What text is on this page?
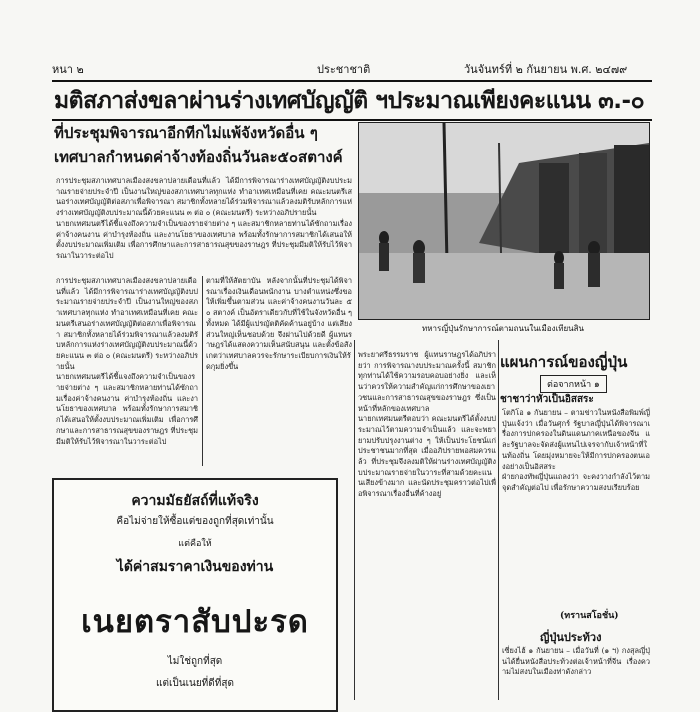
หนา ๒	ประชาชาติ	วันจันทร์ที่ ๒ กันยายน พ.ศ. ๒๔๗๙
มติสภาส่งขลาผ่านร่างเทศบัญญัติ ฯประมาณเพียงคะแนน ๓.-๐
ที่ประชุมพิจารณาอีกทีกไม่แพ้จังหวัดอื่น ๆ
เทศบาลกำหนดค่าจ้างท้องถิ่นวันละ๕๐สตางค์
การประชุมสภาเทศบาลเมืองสงขลาปลายเดือนที่แล้ว ได้มีการพิจารณาร่างเทศบัญญัติงบประมาณรายจ่ายประจำปี เป็นงานใหญ่ของสภาเทศบาลทุกแห่ง ทำอาเทศเหมือนที่เคย คณะมนตรีเสนอร่างเทศบัญญัติต่อสภาเพื่อพิจารณา สมาชิกทั้งหลายได้ร่วมพิจารณาแล้วลงมติรับหลักการแห่งร่างเทศบัญญัติงบประมาณนี้ด้วยคะแนน ๓ ต่อ ๐ (คณะมนตรี) ระหว่างอภิปรายนั้น
นายกเทศมนตรีได้ชี้แจงถึงความจำเป็นของรายจ่ายต่าง ๆ และสมาชิกหลายท่านได้ซักถามเรื่องค่าจ้างคนงาน ค่าบำรุงท้องถิ่น และงานโยธาของเทศบาล พร้อมทั้งรักษาการสมาชิกได้เสนอให้ตั้งงบประมาณเพิ่มเติม เพื่อการศึกษาและการสาธารณสุขของราษฎร ที่ประชุมมีมติให้รับไว้พิจารณาในวาระต่อไป
การประชุมสภาเทศบาลเมืองสงขลาปลายเดือนที่แล้ว ได้มีการพิจารณาร่างเทศบัญญัติงบประมาณรายจ่ายประจำปี เป็นงานใหญ่ของสภาเทศบาลทุกแห่ง ทำอาเทศเหมือนที่เคย คณะมนตรีเสนอร่างเทศบัญญัติต่อสภาเพื่อพิจารณา สมาชิกทั้งหลายได้ร่วมพิจารณาแล้วลงมติรับหลักการแห่งร่างเทศบัญญัติงบประมาณนี้ด้วยคะแนน ๓ ต่อ ๐ (คณะมนตรี) ระหว่างอภิปรายนั้น
นายกเทศมนตรีได้ชี้แจงถึงความจำเป็นของรายจ่ายต่าง ๆ และสมาชิกหลายท่านได้ซักถามเรื่องค่าจ้างคนงาน ค่าบำรุงท้องถิ่น และงานโยธาของเทศบาล พร้อมทั้งรักษาการสมาชิกได้เสนอให้ตั้งงบประมาณเพิ่มเติม เพื่อการศึกษาและการสาธารณสุขของราษฎร ที่ประชุมมีมติให้รับไว้พิจารณาในวาระต่อไป
ตามที่ให้สัตยาบัน หลังจากนั้นที่ประชุมได้พิจารณาเรื่องเงินเดือนพนักงาน บางตำแหน่งซึ่งขอให้เพิ่มขึ้นตามส่วน และค่าจ้างคนงานวันละ ๕๐ สตางค์ เป็นอัตราเดียวกับที่ใช้ในจังหวัดอื่น ๆ ทั้งหมด ได้มีผู้แปรญัตติคัดค้านอยู่บ้าง แต่เสียงส่วนใหญ่เห็นชอบด้วย จึงผ่านไปด้วยดี ผู้แทนราษฎรได้แสดงความเห็นสนับสนุน และตั้งข้อสังเกตว่าเทศบาลควรจะรักษาระเบียบการเงินให้รัดกุมยิ่งขึ้น
ทหารญี่ปุ่นรักษาการณ์ตามถนนในเมืองเทียนสิน
พระยาศรีธรรมราช ผู้แทนราษฎรได้อภิปรายว่า การพิจารณางบประมาณครั้งนี้ สมาชิกทุกท่านได้ใช้ความรอบคอบอย่างยิ่ง และเห็นว่าควรให้ความสำคัญแก่การศึกษาของเยาวชนและการสาธารณสุขของราษฎร ซึ่งเป็นหน้าที่หลักของเทศบาล
นายกเทศมนตรีตอบว่า คณะมนตรีได้ตั้งงบประมาณไว้ตามความจำเป็นแล้ว และจะพยายามปรับปรุงงานต่าง ๆ ให้เป็นประโยชน์แก่ประชาชนมากที่สุด เมื่ออภิปรายพอสมควรแล้ว ที่ประชุมจึงลงมติให้ผ่านร่างเทศบัญญัติงบประมาณรายจ่ายในวาระที่สามด้วยคะแนนเสียงข้างมาก และนัดประชุมคราวต่อไปเพื่อพิจารณาเรื่องอื่นที่ค้างอยู่
แผนการณ์ของญี่ปุ่น
ต่อจากหน้า ๑
ชาชาว่าหัวเป็นอิสสระ
โตกิโอ ๑ กันยายน – ตามข่าวในหนังสือพิมพ์ญี่ปุ่นแจ้งว่า เมื่อวันศุกร์ รัฐบาลญี่ปุ่นได้พิจารณาเรื่องการปกครองในดินแดนภาคเหนือของจีน และรัฐบาลจะจัดส่งผู้แทนไปเจรจากับเจ้าหน้าที่ในท้องถิ่น โดยมุ่งหมายจะให้มีการปกครองตนเองอย่างเป็นอิสสระ
ฝ่ายกองทัพญี่ปุ่นแถลงว่า จะคงวางกำลังไว้ตามจุดสำคัญต่อไป เพื่อรักษาความสงบเรียบร้อย
(ทรานสโอชั่น)
ญี่ปุ่นประท้วง
เซี่ยงไฮ้ ๑ กันยายน – เมื่อวันที่ (๑ ฯ) กงสุลญี่ปุ่นได้ยื่นหนังสือประท้วงต่อเจ้าหน้าที่จีน เรื่องความไม่สงบในเมืองท่าดังกล่าว
ความมัธยัสถ์ที่แท้จริง
คือไม่จ่ายให้ซื้อแต่ของถูกที่สุดเท่านั้น
แต่คือให้
ได้ค่าสมราคาเงินของท่าน
เนยตราสับปะรด
ไม่ใช่ถูกที่สุด
แต่เป็นเนยที่ดีที่สุด
